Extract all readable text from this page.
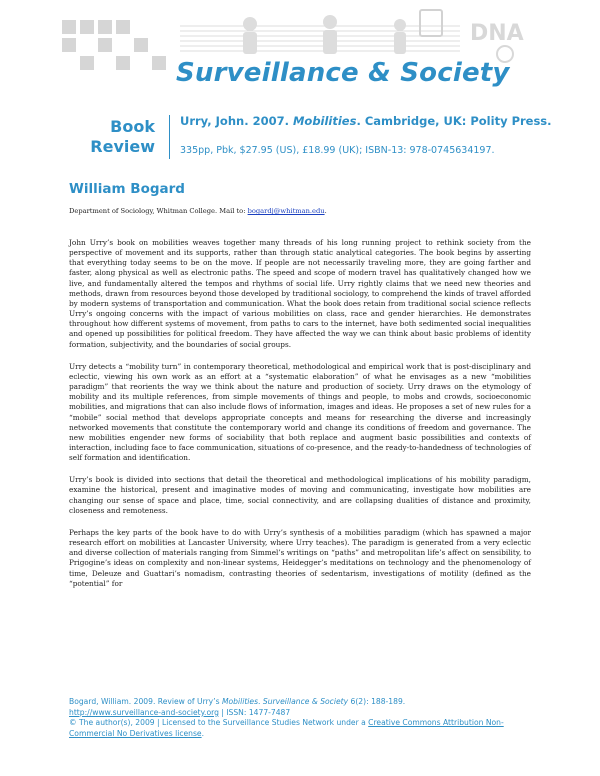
DNA
Surveillance & Society
Book
Review
Urry, John. 2007. Mobilities. Cambridge, UK: Polity Press.
335pp, Pbk, $27.95 (US), £18.99 (UK); ISBN-13: 978-0745634197.
William Bogard
Department of Sociology, Whitman College. Mail to: bogardj@whitman.edu.

John Urry’s book on mobilities weaves together many threads of his long running project to rethink society from the perspective of movement and its supports, rather than through static analytical categories. The book begins by asserting that everything today seems to be on the move. If people are not necessarily traveling more, they are going farther and faster, along physical as well as electronic paths. The speed and scope of modern travel has qualitatively changed how we live, and fundamentally altered the tempos and rhythms of social life. Urry rightly claims that we need new theories and methods, drawn from resources beyond those developed by traditional sociology, to comprehend the kinds of travel afforded by modern systems of transportation and communication. What the book does retain from traditional social science reflects Urry’s ongoing concerns with the impact of various mobilities on class, race and gender hierarchies. He demonstrates throughout how different systems of movement, from paths to cars to the internet, have both sedimented social inequalities and opened up possibilities for political freedom. They have affected the way we can think about basic problems of identity formation, subjectivity, and the boundaries of social groups.

Urry detects a “mobility turn” in contemporary theoretical, methodological and empirical work that is post-disciplinary and eclectic, viewing his own work as an effort at a “systematic elaboration” of what he envisages as a new “mobilities paradigm” that reorients the way we think about the nature and production of society. Urry draws on the etymology of mobility and its multiple references, from simple movements of things and people, to mobs and crowds, socioeconomic mobilities, and migrations that can also include flows of information, images and ideas. He proposes a set of new rules for a “mobile” social method that develops appropriate concepts and means for researching the diverse and increasingly networked movements that constitute the contemporary world and change its conditions of freedom and governance. The new mobilities engender new forms of sociability that both replace and augment basic possibilities and contexts of interaction, including face to face communication, situations of co-presence, and the ready-to-handedness of technologies of self formation and identification.

Urry’s book is divided into sections that detail the theoretical and methodological implications of his mobility paradigm, examine the historical, present and imaginative modes of moving and communicating, investigate how mobilities are changing our sense of space and place, time, social connectivity, and are collapsing dualities of distance and proximity, closeness and remoteness.

Perhaps the key parts of the book have to do with Urry’s synthesis of a mobilities paradigm (which has spawned a major research effort on mobilities at Lancaster University, where Urry teaches). The paradigm is generated from a very eclectic and diverse collection of materials ranging from Simmel’s writings on “paths” and metropolitan life’s affect on sensibility, to Prigogine’s ideas on complexity and non-linear systems, Heidegger’s meditations on technology and the phenomenology of time, Deleuze and Guattari’s nomadism, contrasting theories of sedentarism, investigations of motility (defined as the “potential” for

Bogard, William. 2009. Review of Urry’s Mobilities. Surveillance & Society 6(2): 188-189.
http://www.surveillance-and-society.org | ISSN: 1477-7487
© The author(s), 2009 | Licensed to the Surveillance Studies Network under a Creative Commons Attribution Non-Commercial No Derivatives license.
